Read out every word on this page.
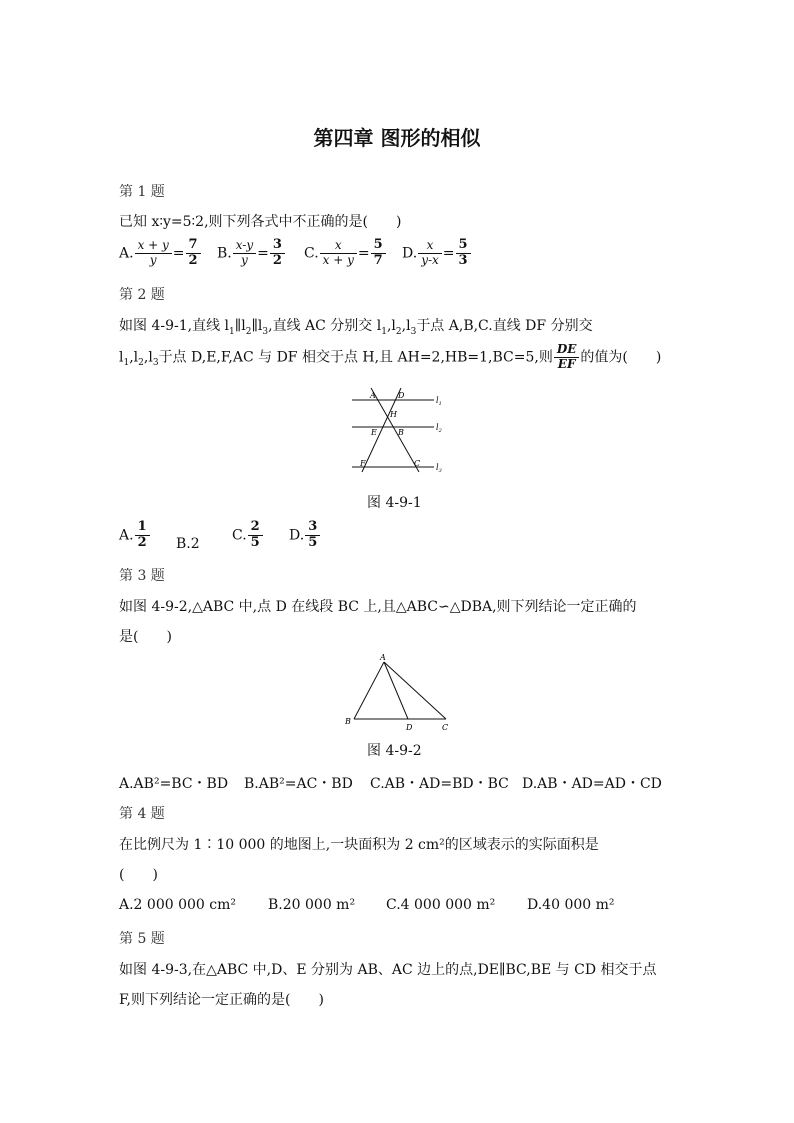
第四章 图形的相似
第 1 题
已知 x∶y=5∶2,则下列各式中不正确的是(　　)
A. $\frac{x + y}{y} = \frac{7}{2} B$. $\frac{x-y}{y} = \frac{3}{2} C$. $\frac{x}{x + y} = \frac{5}{7} D$. $\frac{x}{y-x} = \frac{5}{3}$
第 2 题
如图 4-9-1,直线 $l_1\parallel l_2\parallel l_3$,直线 AC 分别交 $l_1,l_2,l_3$于点 A,B,C.直线 DF 分别交
$l_1,l_2,l_3$于点 D,E,F,AC 与 DF 相交于点 H,且 AH=2,HB=1,BC=5,则 $\frac{DE}{EF}$ 的值为(　　)
A	D
H
E	B
F	C
$l_1$
$l_2$
$l_3$
图 4-9-1
A. $\frac{1}{2} B.2$
C. $\frac{2}{5} D$. $\frac{3}{5}$
第 3 题
如图 4-9-2,△ABC 中,点 D 在线段 BC 上,且△ABC∽△DBA,则下列结论一定正确的
是(　　)
A
B
D	C
图 4-9-2
A.AB²=BC・BD B.AB²=AC・BD C.AB・AD=BD・BC D.AB・AD=AD・CD
第 4 题
在比例尺为 1∶10 000 的地图上,一块面积为 2 cm²的区域表示的实际面积是
(　　)
A.2 000 000 cm² B.20 000 m² C.4 000 000 m² D.40 000 m²
第 5 题
如图 4-9-3,在△ABC 中,D、E 分别为 AB、AC 边上的点,DE∥BC,BE 与 CD 相交于点
F,则下列结论一定正确的是(　　)
